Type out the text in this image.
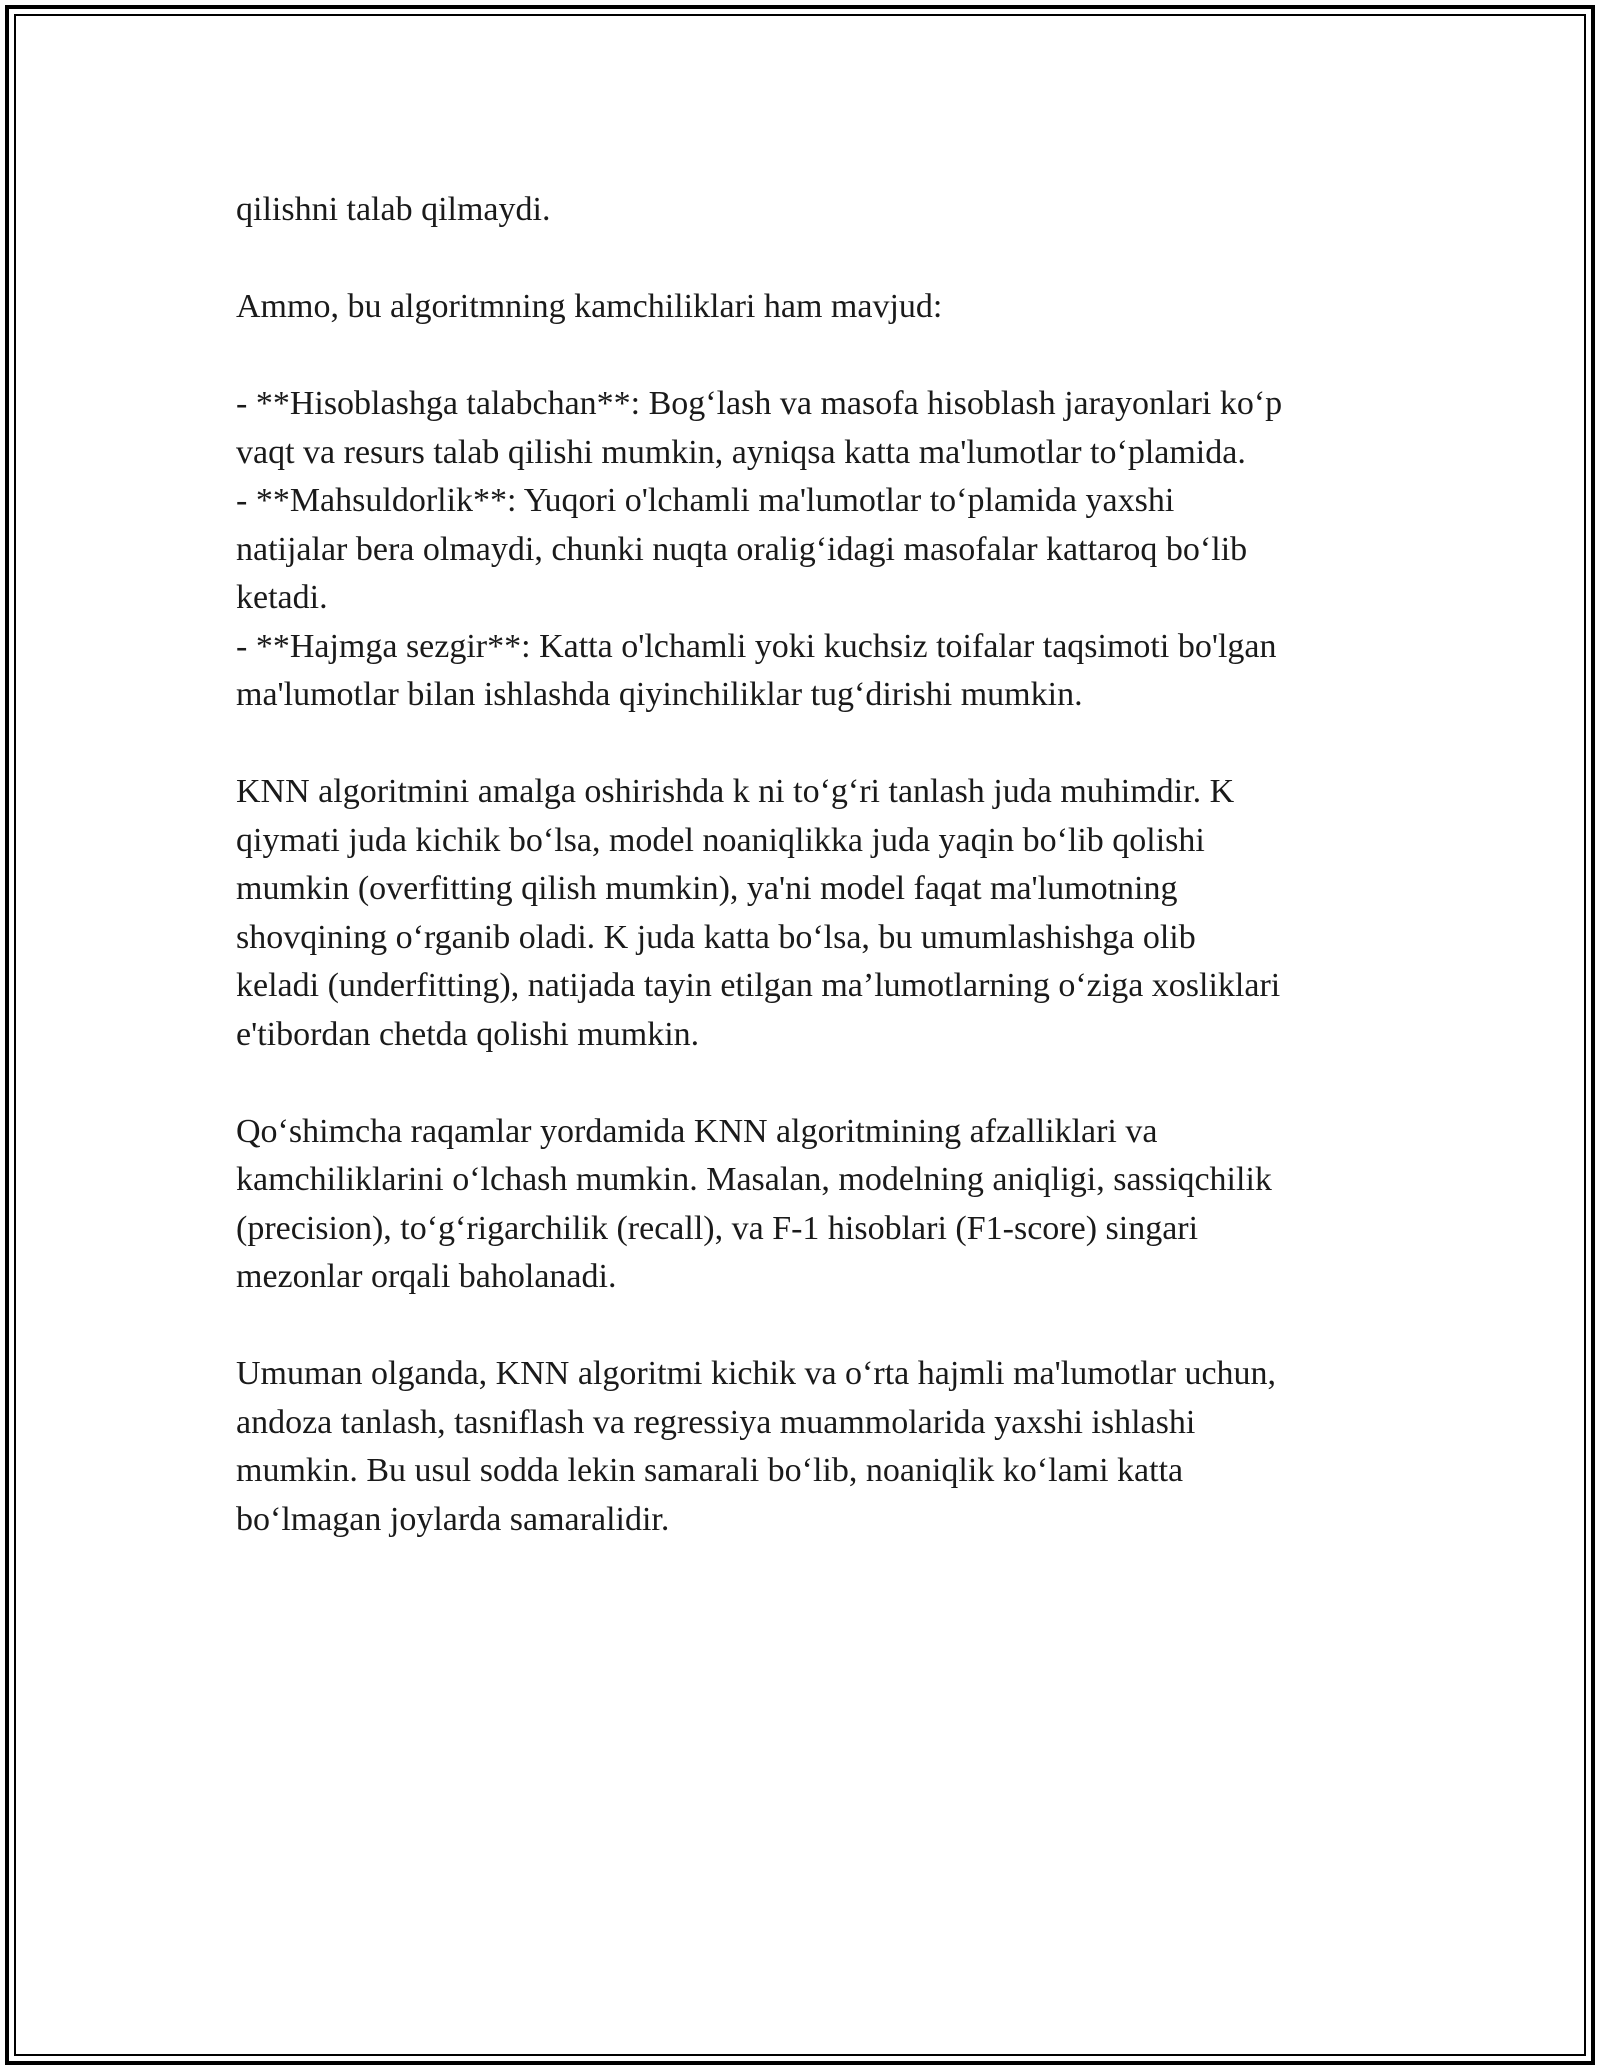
qilishni talab qilmaydi.

Ammo, bu algoritmning kamchiliklari ham mavjud:

- **Hisoblashga talabchan**: Bog‘lash va masofa hisoblash jarayonlari ko‘p
vaqt va resurs talab qilishi mumkin, ayniqsa katta ma'lumotlar to‘plamida.
- **Mahsuldorlik**: Yuqori o'lchamli ma'lumotlar to‘plamida yaxshi
natijalar bera olmaydi, chunki nuqta oralig‘idagi masofalar kattaroq bo‘lib
ketadi.
- **Hajmga sezgir**: Katta o'lchamli yoki kuchsiz toifalar taqsimoti bo'lgan
ma'lumotlar bilan ishlashda qiyinchiliklar tug‘dirishi mumkin.

KNN algoritmini amalga oshirishda k ni to‘g‘ri tanlash juda muhimdir. K
qiymati juda kichik bo‘lsa, model noaniqlikka juda yaqin bo‘lib qolishi
mumkin (overfitting qilish mumkin), ya'ni model faqat ma'lumotning
shovqining o‘rganib oladi. K juda katta bo‘lsa, bu umumlashishga olib
keladi (underfitting), natijada tayin etilgan ma’lumotlarning o‘ziga xosliklari
e'tibordan chetda qolishi mumkin.

Qo‘shimcha raqamlar yordamida KNN algoritmining afzalliklari va
kamchiliklarini o‘lchash mumkin. Masalan, modelning aniqligi, sassiqchilik
(precision), to‘g‘rigarchilik (recall), va F-1 hisoblari (F1-score) singari
mezonlar orqali baholanadi.

Umuman olganda, KNN algoritmi kichik va o‘rta hajmli ma'lumotlar uchun,
andoza tanlash, tasniflash va regressiya muammolarida yaxshi ishlashi
mumkin. Bu usul sodda lekin samarali bo‘lib, noaniqlik ko‘lami katta
bo‘lmagan joylarda samaralidir.
